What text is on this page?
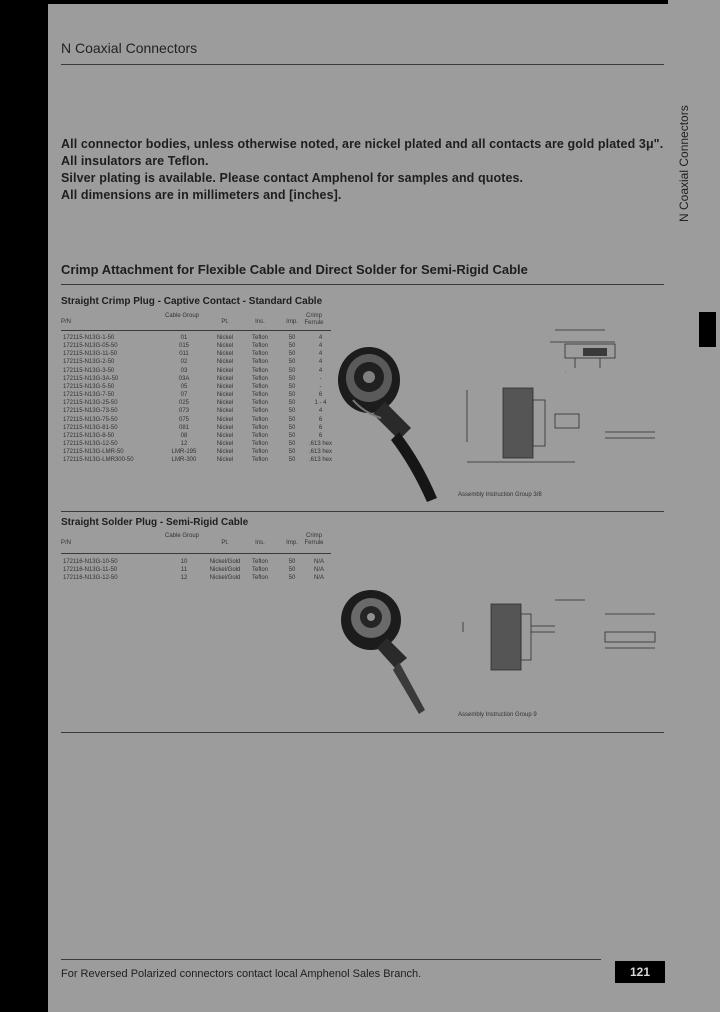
N Coaxial Connectors
N Coaxial Connectors
All connector bodies, unless otherwise noted, are nickel plated and all contacts are gold plated 3μ".
All insulators are Teflon.
Silver plating is available. Please contact Amphenol for samples and quotes.
All dimensions are in millimeters and [inches].
Crimp Attachment for Flexible Cable and Direct Solder for Semi-Rigid Cable
Straight Crimp Plug - Captive Contact - Standard Cable
P/N
Cable Group
Pt.	Ins.	Imp.
Crimp Ferrule
172115-N13G-1-50	01	Nickel	Teflon	50	4
172115-N13G-05-50	015	Nickel	Teflon	50	4
172115-N13G-11-50	011	Nickel	Teflon	50	4
172115-N13G-2-50	02	Nickel	Teflon	50	4
172115-N13G-3-50	03	Nickel	Teflon	50	4
172115-N13G-3A-50	03A	Nickel	Teflon	50	-
172115-N13G-5-50	05	Nickel	Teflon	50	-
172115-N13G-7-50	07	Nickel	Teflon	50	6
172115-N13G-25-50	025	Nickel	Teflon	50	1 - 4
172115-N13G-73-50	073	Nickel	Teflon	50	4
172115-N13G-75-50	075	Nickel	Teflon	50	6
172115-N13G-81-50	081	Nickel	Teflon	50	6
172115-N13G-8-50	08	Nickel	Teflon	50	6
172115-N13G-12-50	12	Nickel	Teflon	50	.613 hex
172115-N13G-LMR-50	LMR-195	Nickel	Teflon	50	.613 hex
172115-N13G-LMR300-50	LMR-300	Nickel	Teflon	50	.613 hex
·
Assembly Instruction Group 3/8
Straight Solder Plug - Semi-Rigid Cable
P/N
Cable Group
Pt.	Ins.	Imp.
Crimp Ferrule
172116-N13G-10-50	10	Nickel/Gold	Teflon	50	N/A
172116-N13G-11-50	11	Nickel/Gold	Teflon	50	N/A
172116-N13G-12-50	12	Nickel/Gold	Teflon	50	N/A
Assembly Instruction Group 9
For Reversed Polarized connectors contact local Amphenol Sales Branch.	121
